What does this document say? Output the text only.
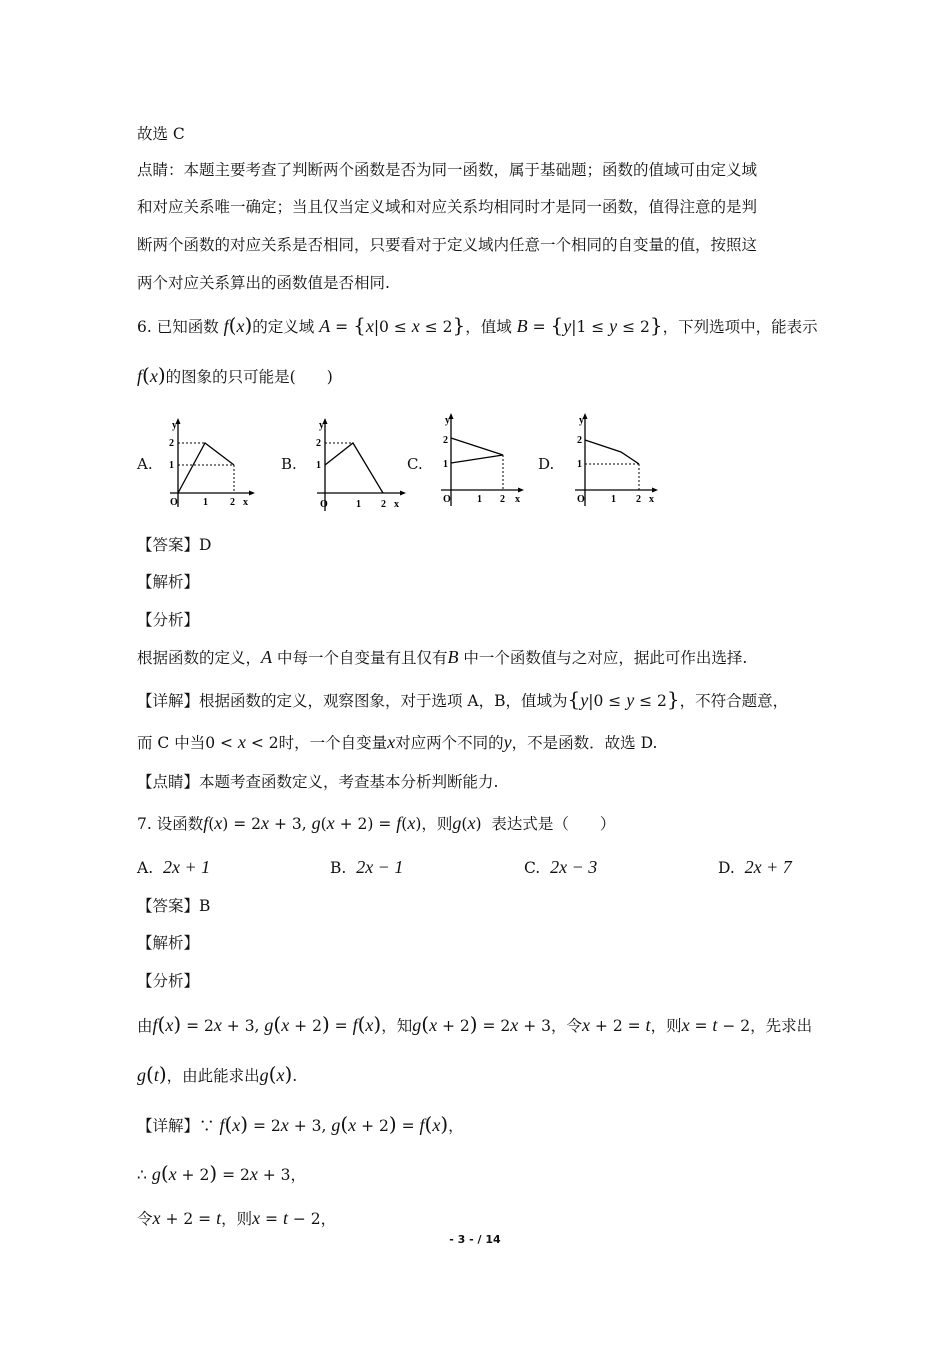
故选 C
点睛：本题主要考查了判断两个函数是否为同一函数，属于基础题；函数的值域可由定义域
和对应关系唯一确定；当且仅当定义域和对应关系均相同时才是同一函数，值得注意的是判
断两个函数的对应关系是否相同，只要看对于定义域内任意一个相同的自变量的值，按照这
两个对应关系算出的函数值是否相同.
6. 已知函数 f(x)的定义域 A = {x|0 ≤ x ≤ 2}，值域 B = {y|1 ≤ y ≤ 2}，下列选项中，能表示
f(x)的图象的只可能是(　　)
A.	B.	C.	D.
y
2
1
O	1 2 x
y
2
1
O	1 2 x
y
2
1
O	1 2 x
y
2
1
O	1 2 x
【答案】D
【解析】
【分析】
根据函数的定义，A 中每一个自变量有且仅有B 中一个函数值与之对应，据此可作出选择.
【详解】根据函数的定义，观察图象，对于选项 A，B，值域为{y|0 ≤ y ≤ 2}，不符合题意，
而 C 中当0 < x < 2时，一个自变量x对应两个不同的y，不是函数．故选 D.
【点睛】本题考查函数定义，考查基本分析判断能力.
7. 设函数f(x) = 2x + 3, g(x + 2) = f(x)，则g(x)  表达式是（　　）
A. 2x + 1	B. 2x − 1	C. 2x − 3	D. 2x + 7
【答案】B
【解析】
【分析】
由f(x) = 2x + 3, g(x + 2) = f(x)，知g(x + 2) = 2x + 3，令x + 2 = t，则x = t − 2，先求出
g(t)，由此能求出g(x).
【详解】∵ f(x) = 2x + 3, g(x + 2) = f(x)，
∴ g(x + 2) = 2x + 3，
令x + 2 = t，则x = t − 2，
- 3 - / 14
